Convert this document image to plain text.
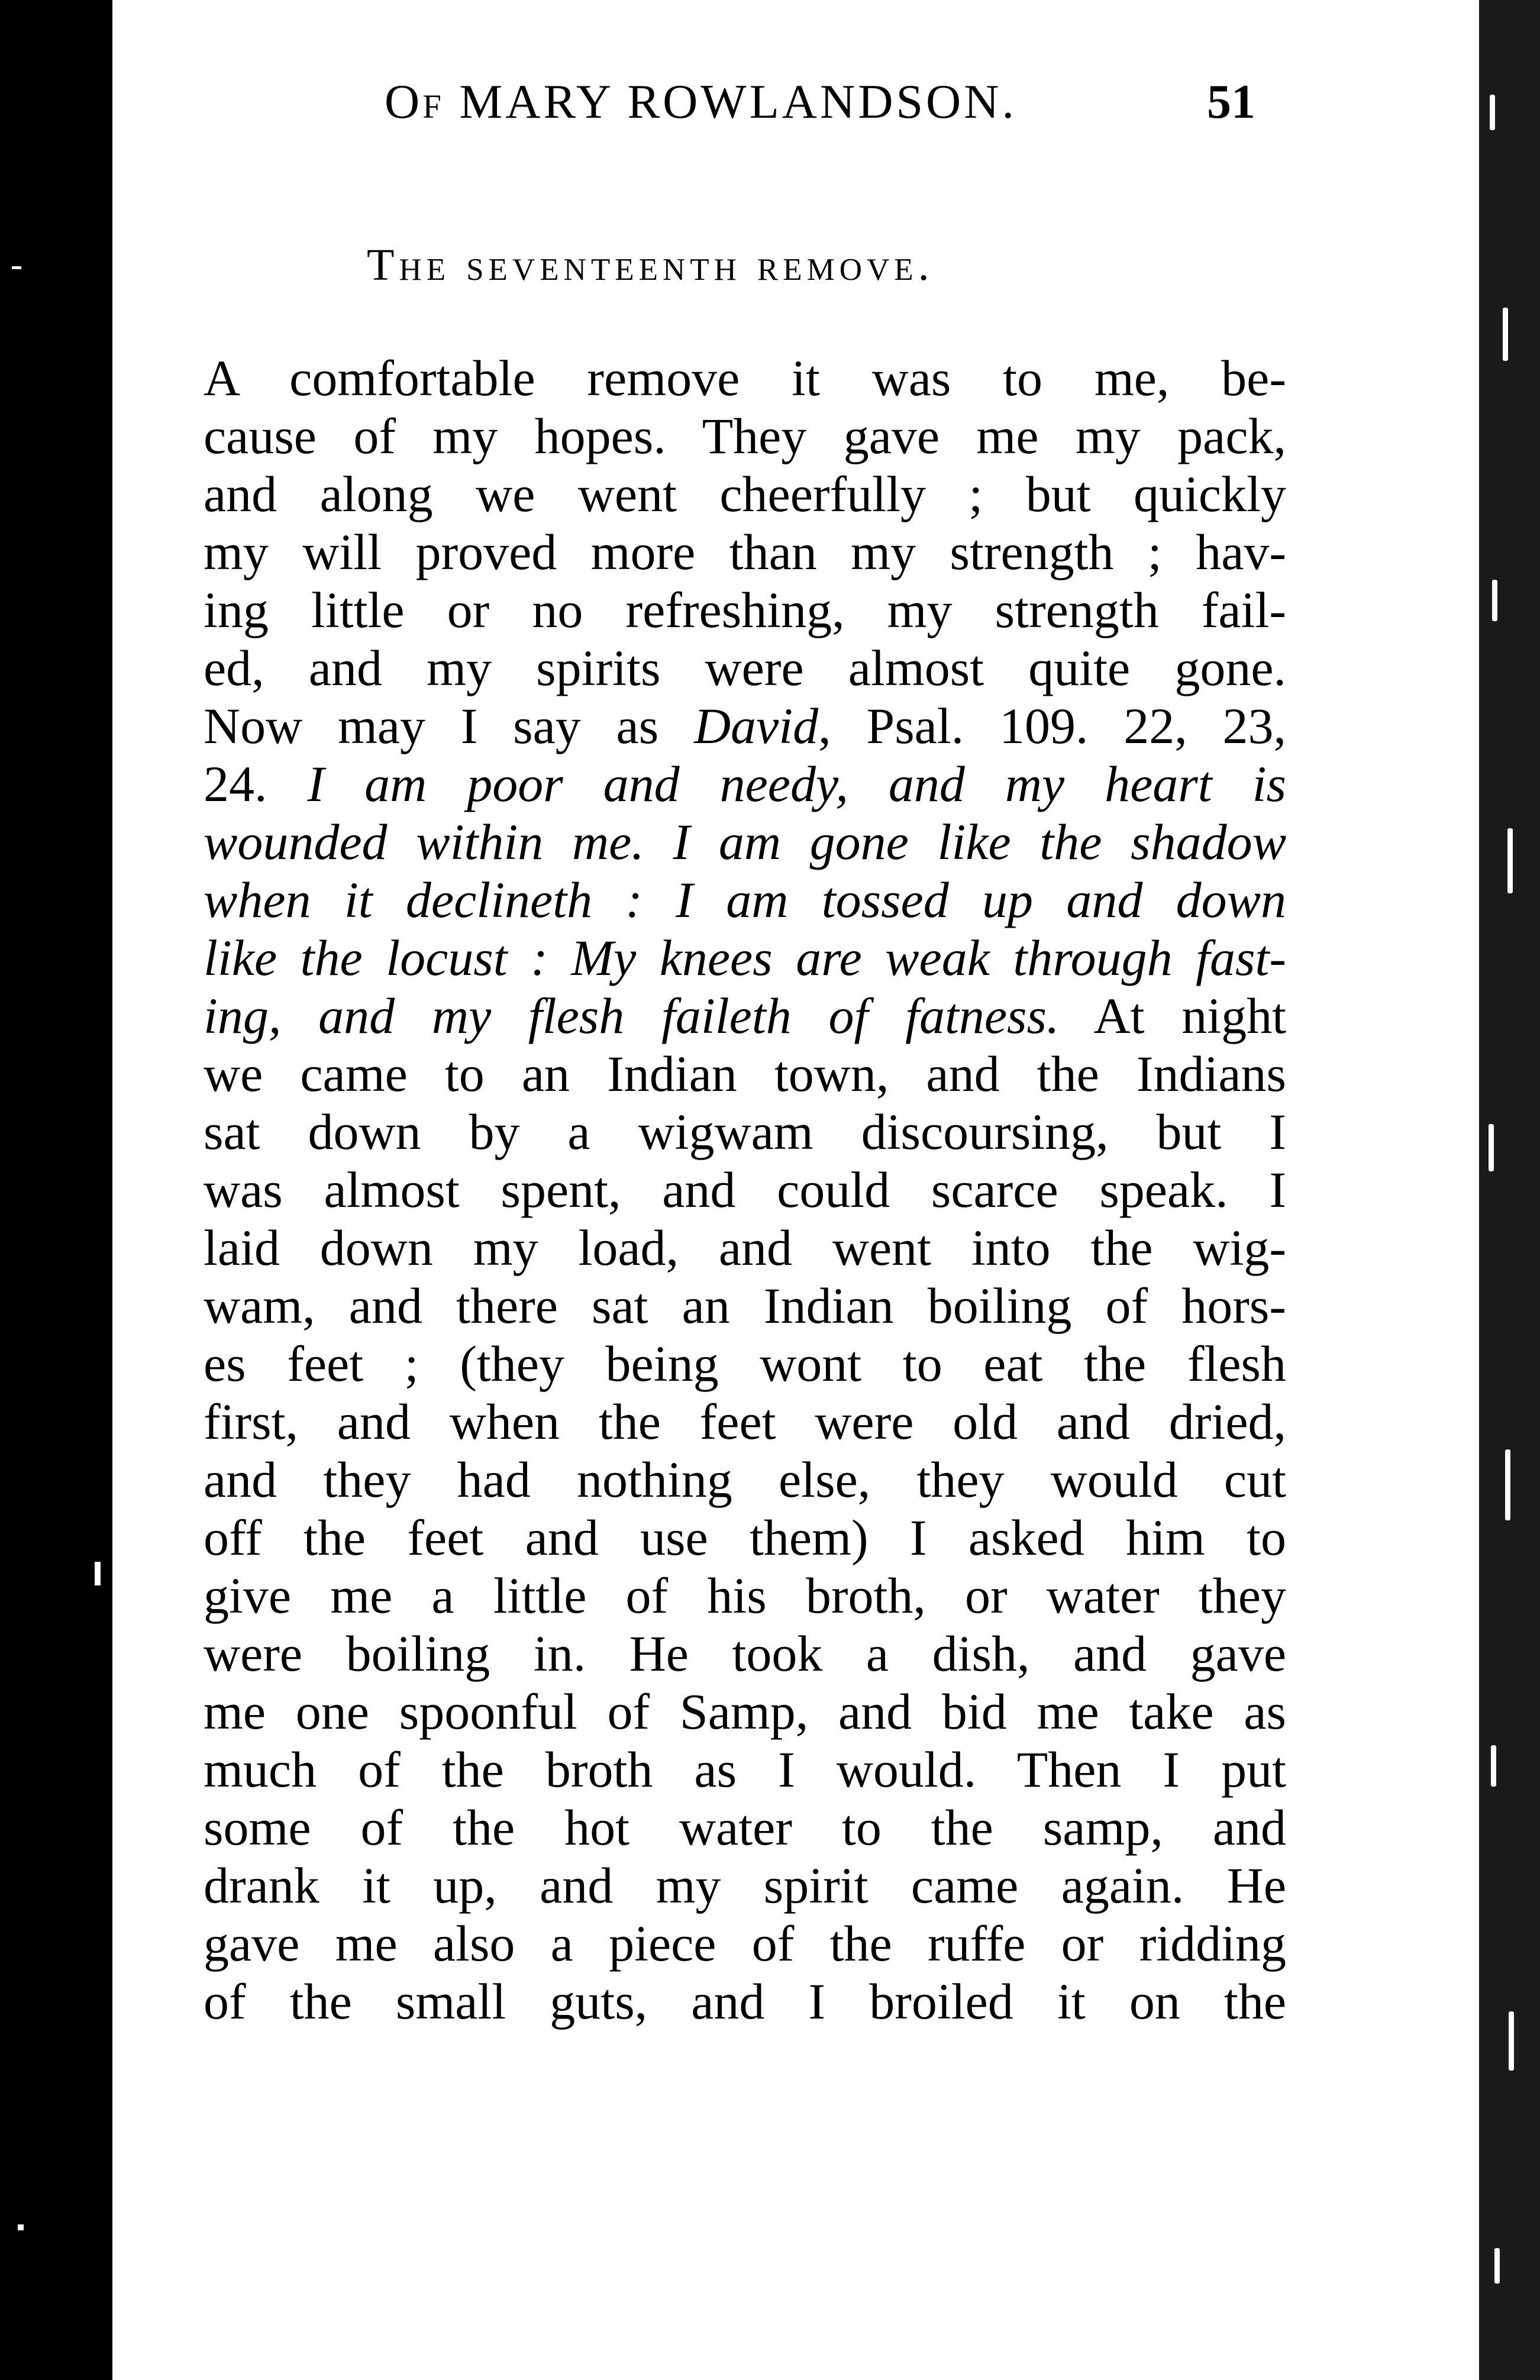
Of MARY ROWLANDSON.	51
The seventeenth remove.
A comfortable remove it was to me, be-
cause of my hopes. They gave me my pack,
and along we went cheerfully ; but quickly
my will proved more than my strength ; hav-
ing little or no refreshing, my strength fail-
ed, and my spirits were almost quite gone.
Now may I say as David, Psal. 109. 22, 23,
24. I am poor and needy, and my heart is
wounded within me. I am gone like the shadow
when it declineth : I am tossed up and down
like the locust : My knees are weak through fast-
ing, and my flesh faileth of fatness. At night
we came to an Indian town, and the Indians
sat down by a wigwam discoursing, but I
was almost spent, and could scarce speak. I
laid down my load, and went into the wig-
wam, and there sat an Indian boiling of hors-
es feet ; (they being wont to eat the flesh
first, and when the feet were old and dried,
and they had nothing else, they would cut
off the feet and use them) I asked him to
give me a little of his broth, or water they
were boiling in. He took a dish, and gave
me one spoonful of Samp, and bid me take as
much of the broth as I would. Then I put
some of the hot water to the samp, and
drank it up, and my spirit came again. He
gave me also a piece of the ruffe or ridding
of the small guts, and I broiled it on the
